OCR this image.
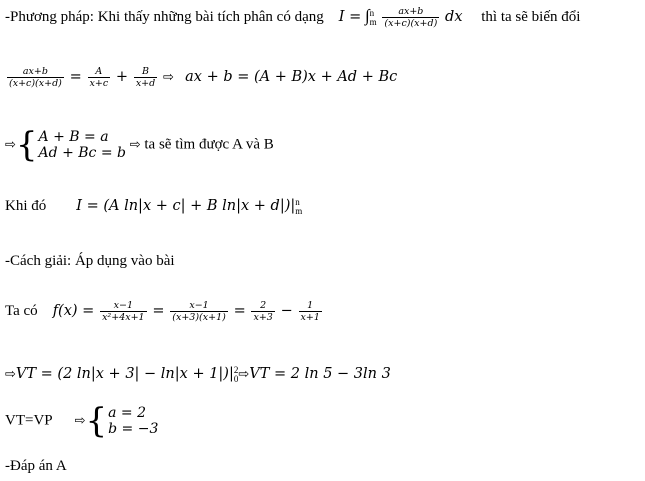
-Phương pháp: Khi thấy những bài tích phân có dạng I = ∫ n
m
$\frac{ax+b}{(x+c)(x+d)}$ dx thì ta sẽ biến đổi
$\frac{ax+b}{(x+c)(x+d)} = \frac{A}{x+c} + \frac{B}{x+d}$ ⇨ ax + b = (A + B)x + Ad + Bc
⇨ { A + B = a
Ad + Bc = b
⇨ ta sẽ tìm được A và B
Khi đó I = (A ln|x + c| + B ln|x + d|)| n
m
-Cách giải: Áp dụng vào bài
Ta có $f(x) = \frac{x-1}{\text{x²+4x+1}} = \frac{x-1}{(x+3)(x+1)} = \frac{2}{x+3} - \frac{1}{x+1}$
⇨VT = (2 ln|x + 3| − ln|x + 1|)| 2
0 ⇨VT = 2 ln 5 − 3ln 3
VT=VP ⇨ { a = 2
b = −3
-Đáp án A
